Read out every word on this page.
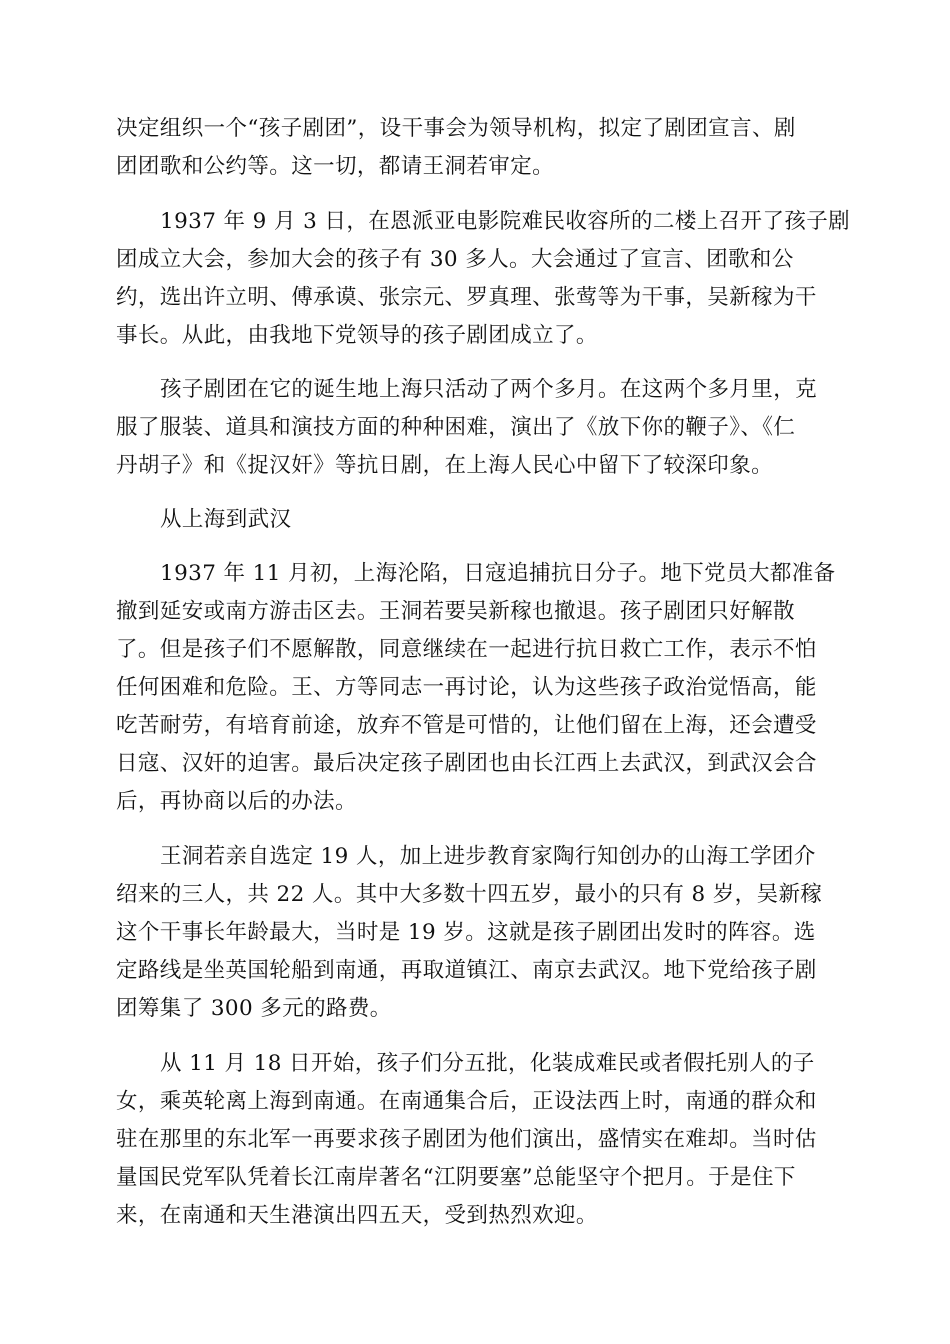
决定组织一个“孩子剧团”，设干事会为领导机构，拟定了剧团宣言、剧
团团歌和公约等。这一切，都请王洞若审定。
1937 年 9 月 3 日，在恩派亚电影院难民收容所的二楼上召开了孩子剧
团成立大会，参加大会的孩子有 30 多人。大会通过了宣言、团歌和公
约，选出许立明、傅承谟、张宗元、罗真理、张莺等为干事，吴新稼为干
事长。从此，由我地下党领导的孩子剧团成立了。
孩子剧团在它的诞生地上海只活动了两个多月。在这两个多月里，克
服了服装、道具和演技方面的种种困难，演出了《放下你的鞭子》、《仁
丹胡子》和《捉汉奸》等抗日剧，在上海人民心中留下了较深印象。
从上海到武汉
1937 年 11 月初，上海沦陷，日寇追捕抗日分子。地下党员大都准备
撤到延安或南方游击区去。王洞若要吴新稼也撤退。孩子剧团只好解散
了。但是孩子们不愿解散，同意继续在一起进行抗日救亡工作，表示不怕
任何困难和危险。王、方等同志一再讨论，认为这些孩子政治觉悟高，能
吃苦耐劳，有培育前途，放弃不管是可惜的，让他们留在上海，还会遭受
日寇、汉奸的迫害。最后决定孩子剧团也由长江西上去武汉，到武汉会合
后，再协商以后的办法。
王洞若亲自选定 19 人，加上进步教育家陶行知创办的山海工学团介
绍来的三人，共 22 人。其中大多数十四五岁，最小的只有 8 岁，吴新稼
这个干事长年龄最大，当时是 19 岁。这就是孩子剧团出发时的阵容。选
定路线是坐英国轮船到南通，再取道镇江、南京去武汉。地下党给孩子剧
团筹集了 300 多元的路费。
从 11 月 18 日开始，孩子们分五批，化装成难民或者假托别人的子
女，乘英轮离上海到南通。在南通集合后，正设法西上时，南通的群众和
驻在那里的东北军一再要求孩子剧团为他们演出，盛情实在难却。当时估
量国民党军队凭着长江南岸著名“江阴要塞”总能坚守个把月。于是住下
来，在南通和天生港演出四五天，受到热烈欢迎。
